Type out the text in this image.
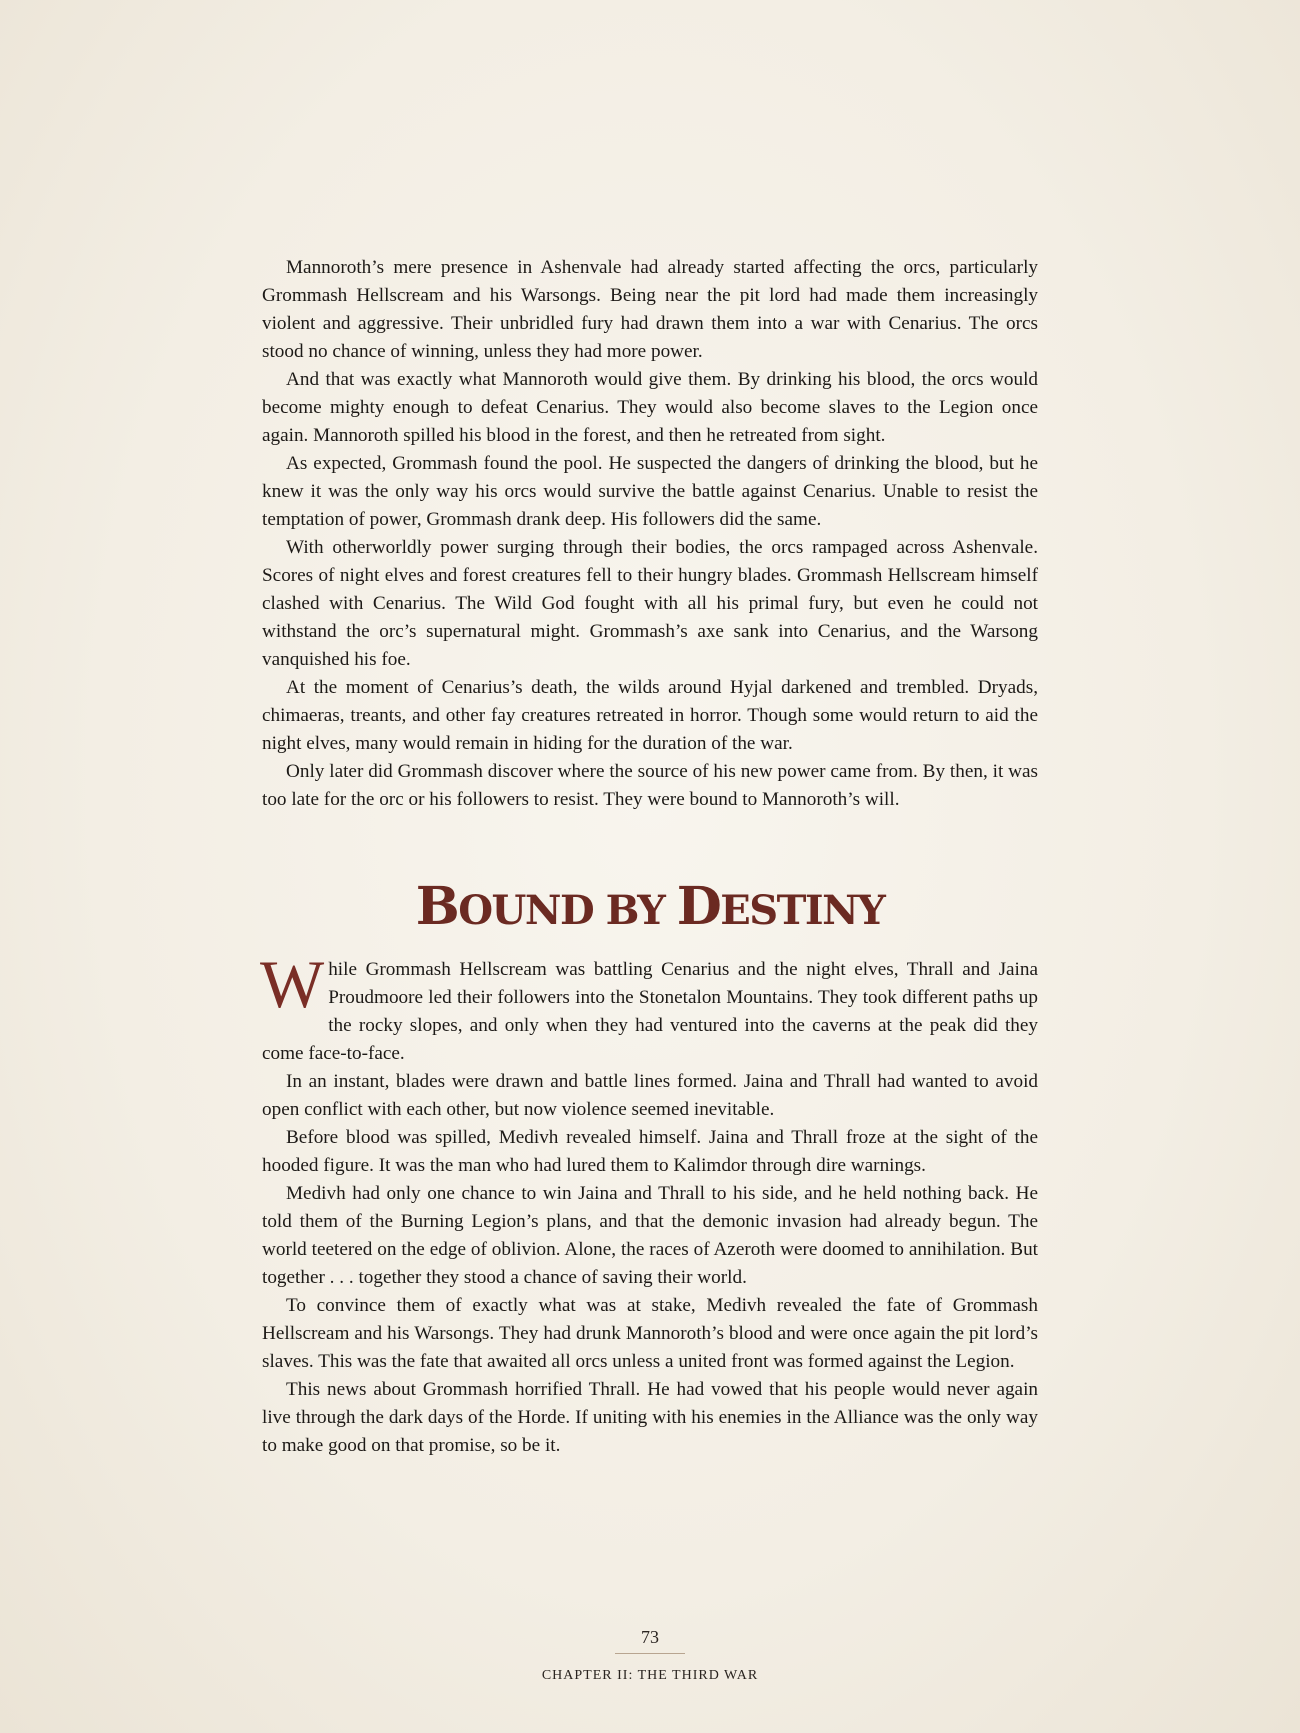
Mannoroth’s mere presence in Ashenvale had already started affecting the orcs, particularly Grommash Hellscream and his Warsongs. Being near the pit lord had made them increasingly violent and aggressive. Their unbridled fury had drawn them into a war with Cenarius. The orcs stood no chance of winning, unless they had more power.

And that was exactly what Mannoroth would give them. By drinking his blood, the orcs would become mighty enough to defeat Cenarius. They would also become slaves to the Legion once again. Mannoroth spilled his blood in the forest, and then he retreated from sight.

As expected, Grommash found the pool. He suspected the dangers of drinking the blood, but he knew it was the only way his orcs would survive the battle against Cenarius. Unable to resist the temptation of power, Grommash drank deep. His followers did the same.

With otherworldly power surging through their bodies, the orcs rampaged across Ashenvale. Scores of night elves and forest creatures fell to their hungry blades. Grommash Hellscream himself clashed with Cenarius. The Wild God fought with all his primal fury, but even he could not withstand the orc’s supernatural might. Grommash’s axe sank into Cenarius, and the Warsong vanquished his foe.

At the moment of Cenarius’s death, the wilds around Hyjal darkened and trembled. Dryads, chimaeras, treants, and other fay creatures retreated in horror. Though some would return to aid the night elves, many would remain in hiding for the duration of the war.

Only later did Grommash discover where the source of his new power came from. By then, it was too late for the orc or his followers to resist. They were bound to Mannoroth’s will.

BOUND BY DESTINY

While Grommash Hellscream was battling Cenarius and the night elves, Thrall and Jaina Proudmoore led their followers into the Stonetalon Mountains. They took different paths up the rocky slopes, and only when they had ventured into the caverns at the peak did they come face-to-face.

In an instant, blades were drawn and battle lines formed. Jaina and Thrall had wanted to avoid open conflict with each other, but now violence seemed inevitable.

Before blood was spilled, Medivh revealed himself. Jaina and Thrall froze at the sight of the hooded figure. It was the man who had lured them to Kalimdor through dire warnings.

Medivh had only one chance to win Jaina and Thrall to his side, and he held nothing back. He told them of the Burning Legion’s plans, and that the demonic invasion had already begun. The world teetered on the edge of oblivion. Alone, the races of Azeroth were doomed to annihilation. But together . . . together they stood a chance of saving their world.

To convince them of exactly what was at stake, Medivh revealed the fate of Grommash Hellscream and his Warsongs. They had drunk Mannoroth’s blood and were once again the pit lord’s slaves. This was the fate that awaited all orcs unless a united front was formed against the Legion.

This news about Grommash horrified Thrall. He had vowed that his people would never again live through the dark days of the Horde. If uniting with his enemies in the Alliance was the only way to make good on that promise, so be it.

73
CHAPTER II: THE THIRD WAR
